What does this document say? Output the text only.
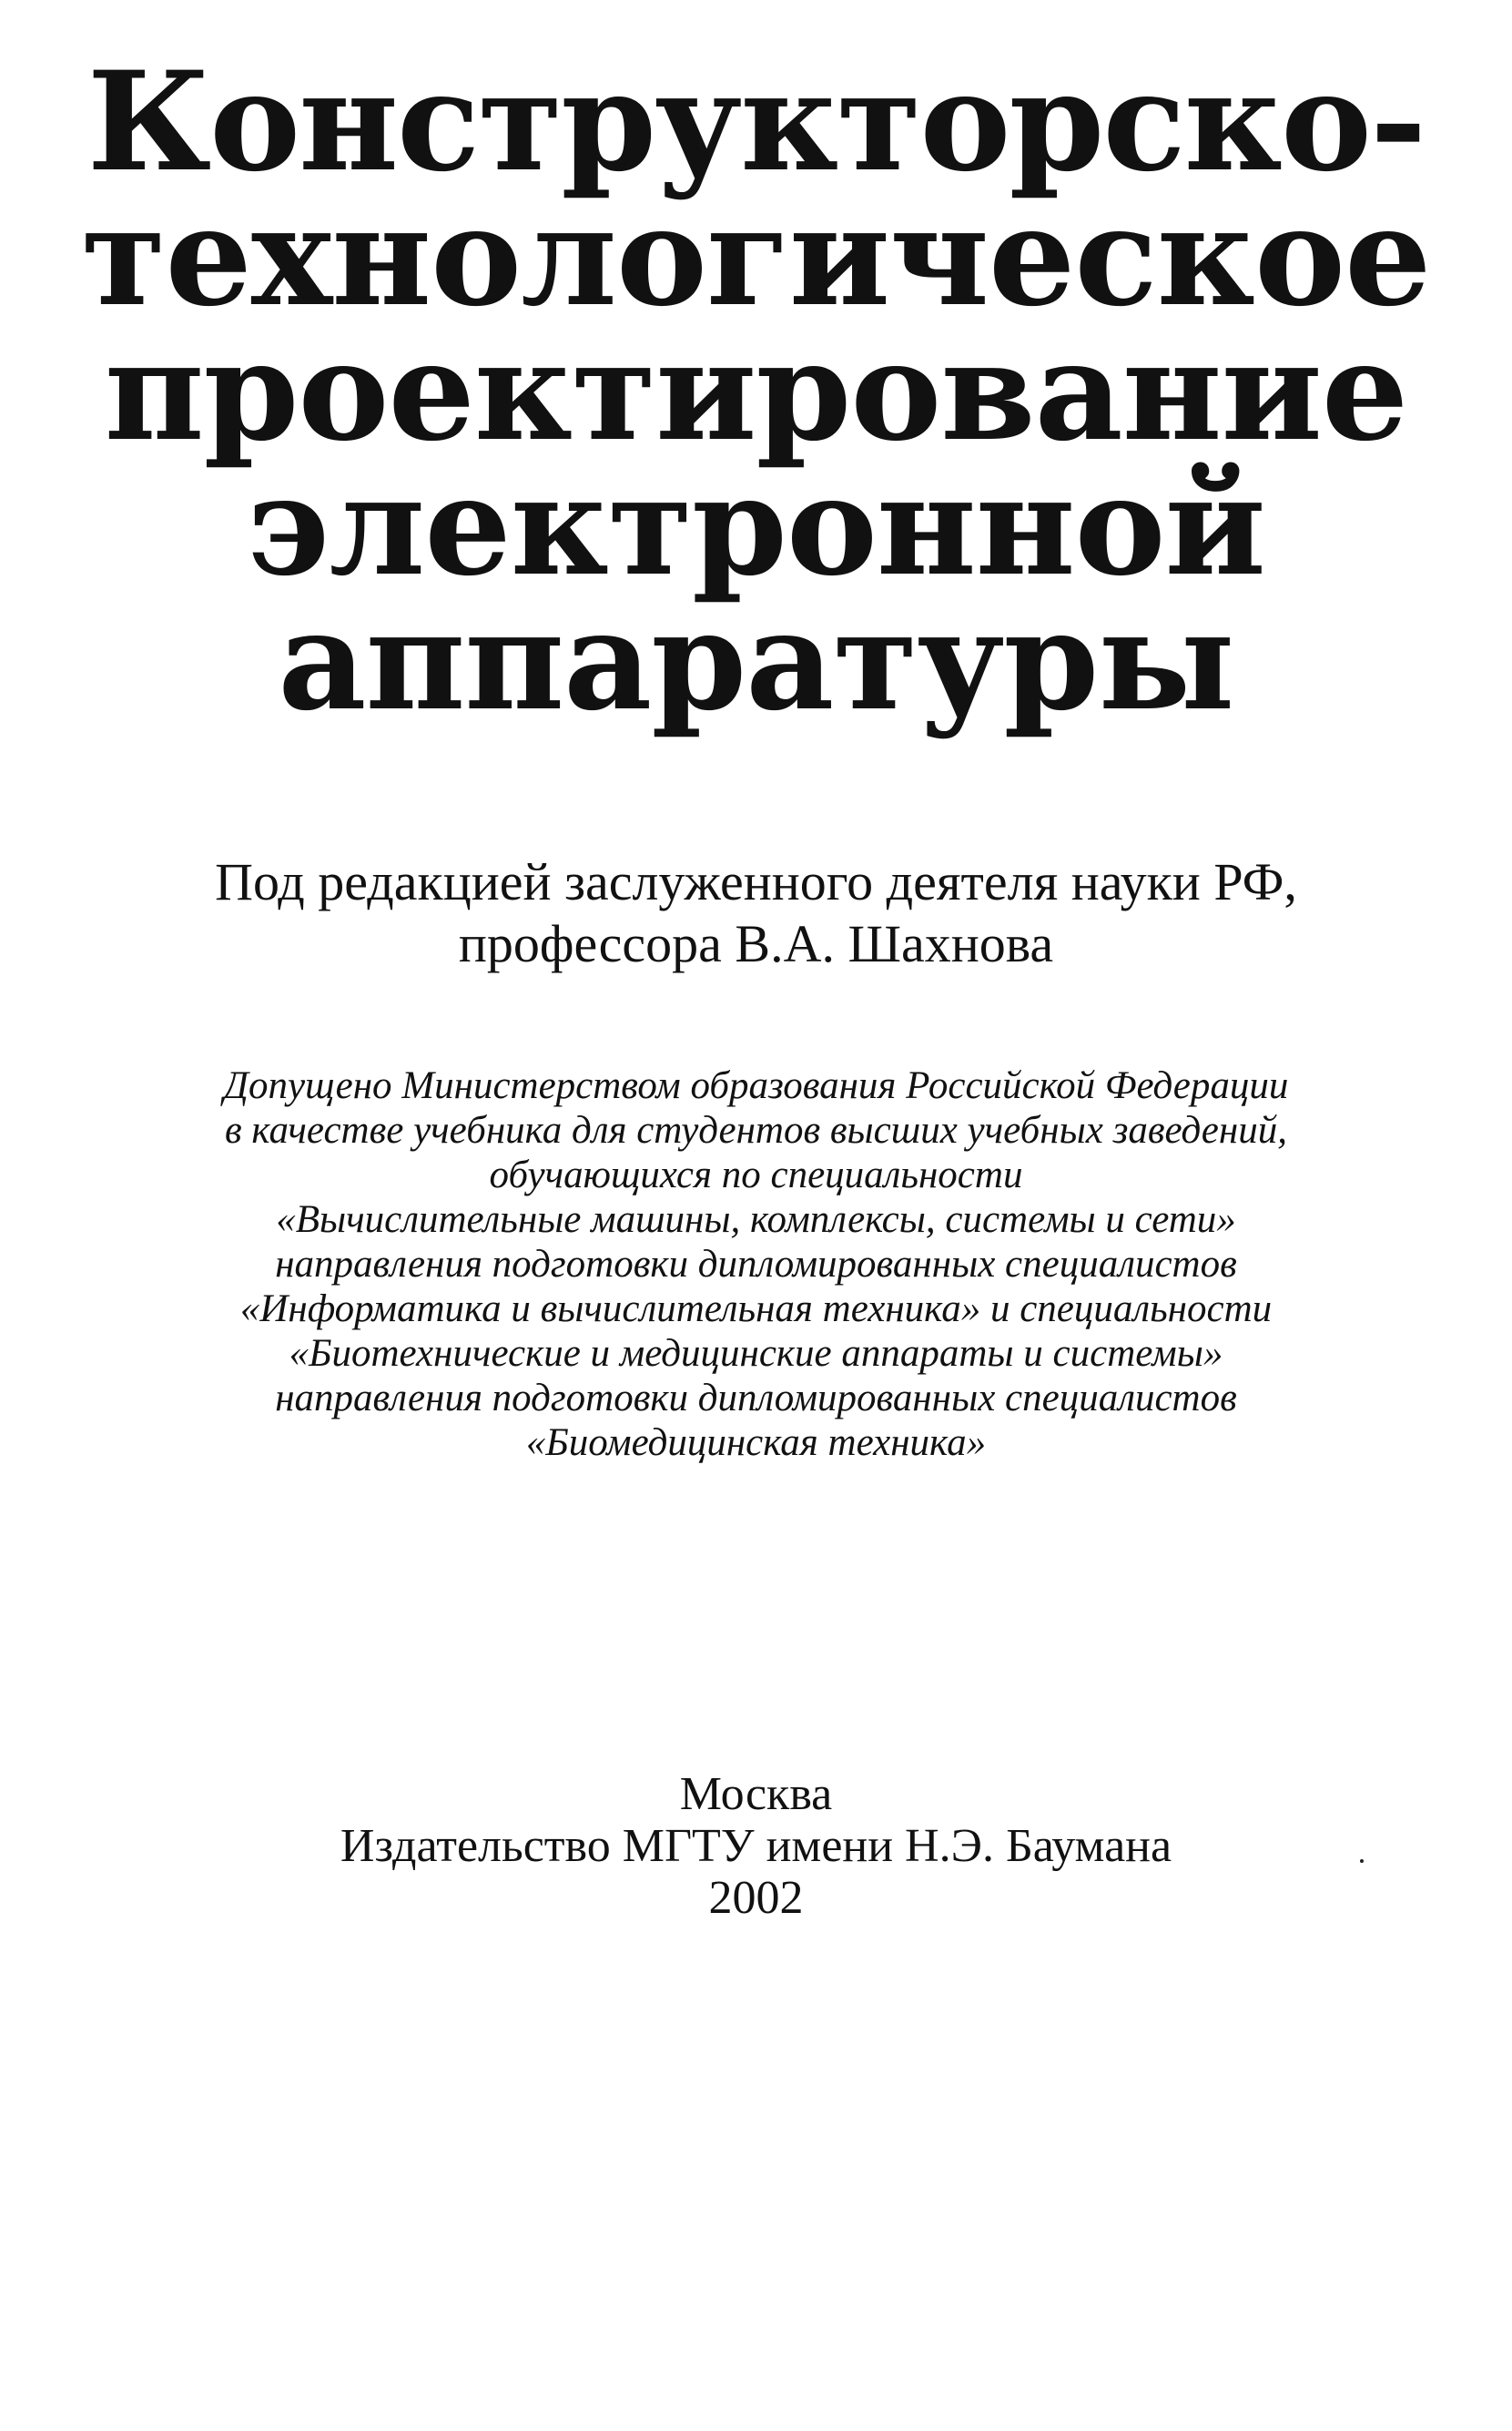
Конструкторско-
технологическое
проектирование
электронной
аппаратуры
Под редакцией заслуженного деятеля науки РФ,
профессора В.А. Шахнова
Допущено Министерством образования Российской Федерации
в качестве учебника для студентов высших учебных заведений,
обучающихся по специальности
«Вычислительные машины, комплексы, системы и сети»
направления подготовки дипломированных специалистов
«Информатика и вычислительная техника» и специальности
«Биотехнические и медицинские аппараты и системы»
направления подготовки дипломированных специалистов
«Биомедицинская техника»
Москва
Издательство МГТУ имени Н.Э. Баумана
2002
